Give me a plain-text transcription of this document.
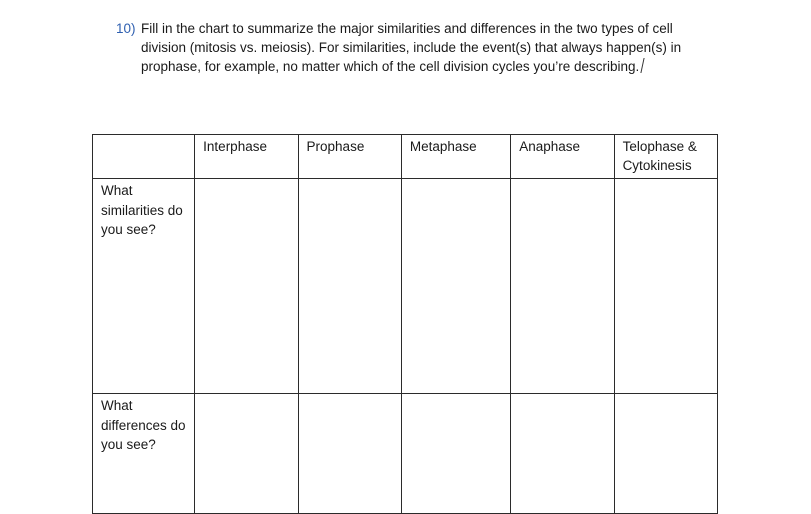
10) Fill in the chart to summarize the major similarities and differences in the two types of cell division (mitosis vs. meiosis). For similarities, include the event(s) that always happen(s) in prophase, for example, no matter which of the cell division cycles you’re describing.
	Interphase	Prophase	Metaphase	Anaphase	Telophase & Cytokinesis
What similarities do you see?					
What differences do you see?					
